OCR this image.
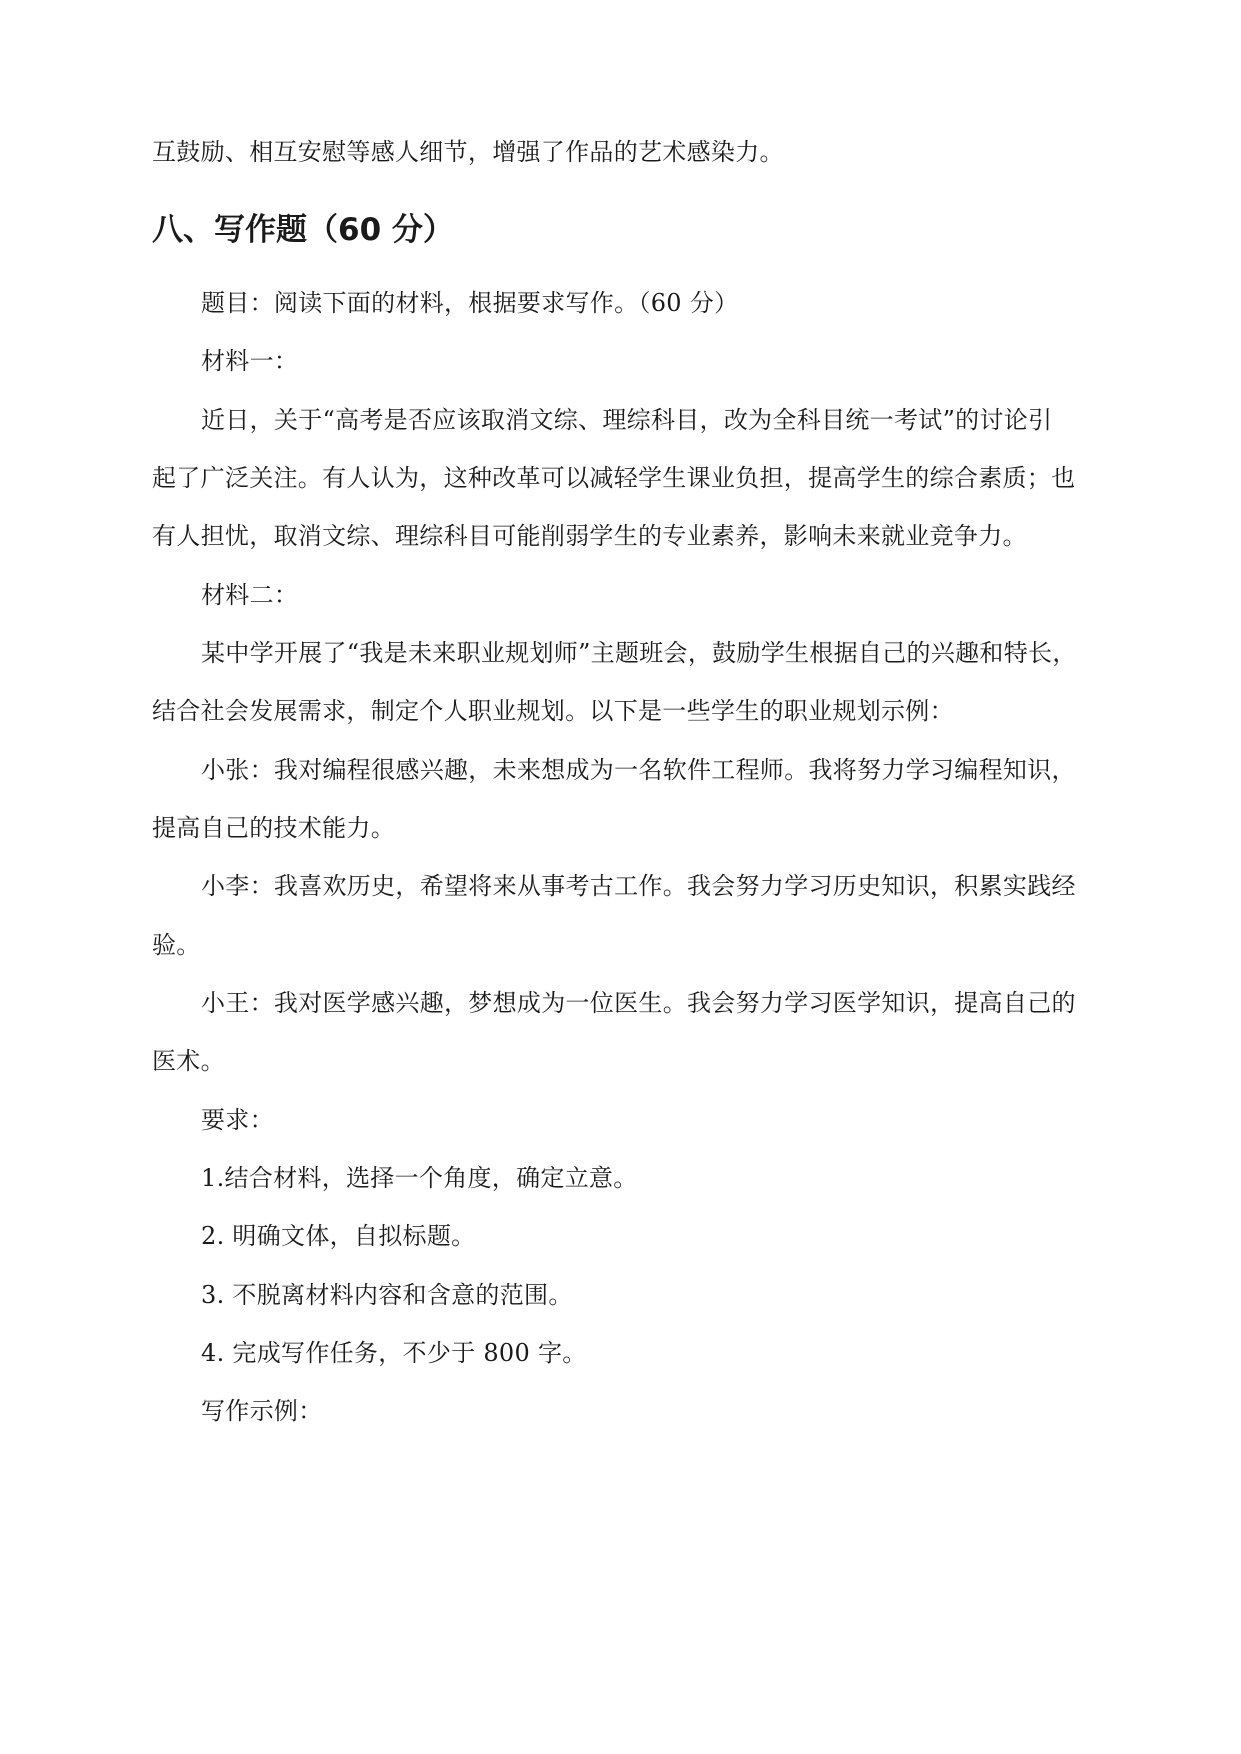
互鼓励、相互安慰等感人细节，增强了作品的艺术感染力。

八、写作题（60 分）

题目：阅读下面的材料，根据要求写作。（60 分）

材料一：

近日，关于“高考是否应该取消文综、理综科目，改为全科目统一考试”的讨论引

起了广泛关注。有人认为，这种改革可以减轻学生课业负担，提高学生的综合素质；也

有人担忧，取消文综、理综科目可能削弱学生的专业素养，影响未来就业竞争力。

材料二：

某中学开展了“我是未来职业规划师”主题班会，鼓励学生根据自己的兴趣和特长，

结合社会发展需求，制定个人职业规划。以下是一些学生的职业规划示例：

小张：我对编程很感兴趣，未来想成为一名软件工程师。我将努力学习编程知识，

提高自己的技术能力。

小李：我喜欢历史，希望将来从事考古工作。我会努力学习历史知识，积累实践经

验。

小王：我对医学感兴趣，梦想成为一位医生。我会努力学习医学知识，提高自己的

医术。

要求：

1.结合材料，选择一个角度，确定立意。

2. 明确文体，自拟标题。

3. 不脱离材料内容和含意的范围。

4. 完成写作任务，不少于 800 字。

写作示例：
